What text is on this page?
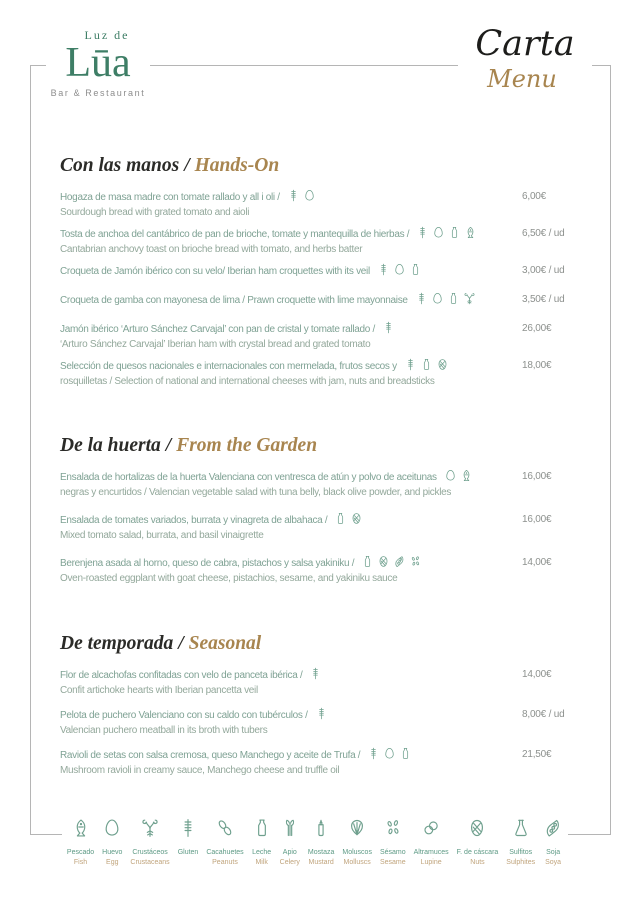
Luz de
Lūa
Bar & Restaurant
Carta
Menu
Con las manos / Hands-On
Hogaza de masa madre con tomate rallado y all i oli /
Sourdough bread with grated tomato and aioli
6,00€
Tosta de anchoa del cantábrico de pan de brioche, tomate y mantequilla de hierbas /
Cantabrian anchovy toast on brioche bread with tomato, and herbs batter
6,50€ / ud
Croqueta de Jamón ibérico con su velo/ Iberian ham croquettes with its veil	3,00€ / ud
Croqueta de gamba con mayonesa de lima / Prawn croquette with lime mayonnaise	3,50€ / ud
Jamón ibérico ‘Arturo Sánchez Carvajal’ con pan de cristal y tomate rallado /
‘Arturo Sánchez Carvajal’ Iberian ham with crystal bread and grated tomato
26,00€
Selección de quesos nacionales e internacionales con mermelada, frutos secos y
rosquilletas / Selection of national and international cheeses with jam, nuts and breadsticks
18,00€
De la huerta / From the Garden
Ensalada de hortalizas de la huerta Valenciana con ventresca de atún y polvo de aceitunas
negras y encurtidos / Valencian vegetable salad with tuna belly, black olive powder, and pickles
16,00€
Ensalada de tomates variados, burrata y vinagreta de albahaca /
Mixed tomato salad, burrata, and basil vinaigrette
16,00€
Berenjena asada al horno, queso de cabra, pistachos y salsa yakiniku /
Oven-roasted eggplant with goat cheese, pistachios, sesame, and yakiniku sauce
14,00€
De temporada / Seasonal
Flor de alcachofas confitadas con velo de panceta ibérica /
Confit artichoke hearts with Iberian pancetta veil
14,00€
Pelota de puchero Valenciano con su caldo con tubérculos /
Valencian puchero meatball in its broth with tubers
8,00€ / ud
Ravioli de setas con salsa cremosa, queso Manchego y aceite de Trufa /
Mushroom ravioli in creamy sauce, Manchego cheese and truffle oil
21,50€
Pescado
Fish
Huevo
Egg
Crustáceos
Crustaceans
Gluten Cacahuetes
Peanuts
Leche
Milk
Apio
Celery
Mostaza
Mustard
Moluscos
Molluscs
Sésamo
Sesame
Altramuces
Lupine
F. de cáscara
Nuts
Sulfitos
Sulphites
Soja
Soya
